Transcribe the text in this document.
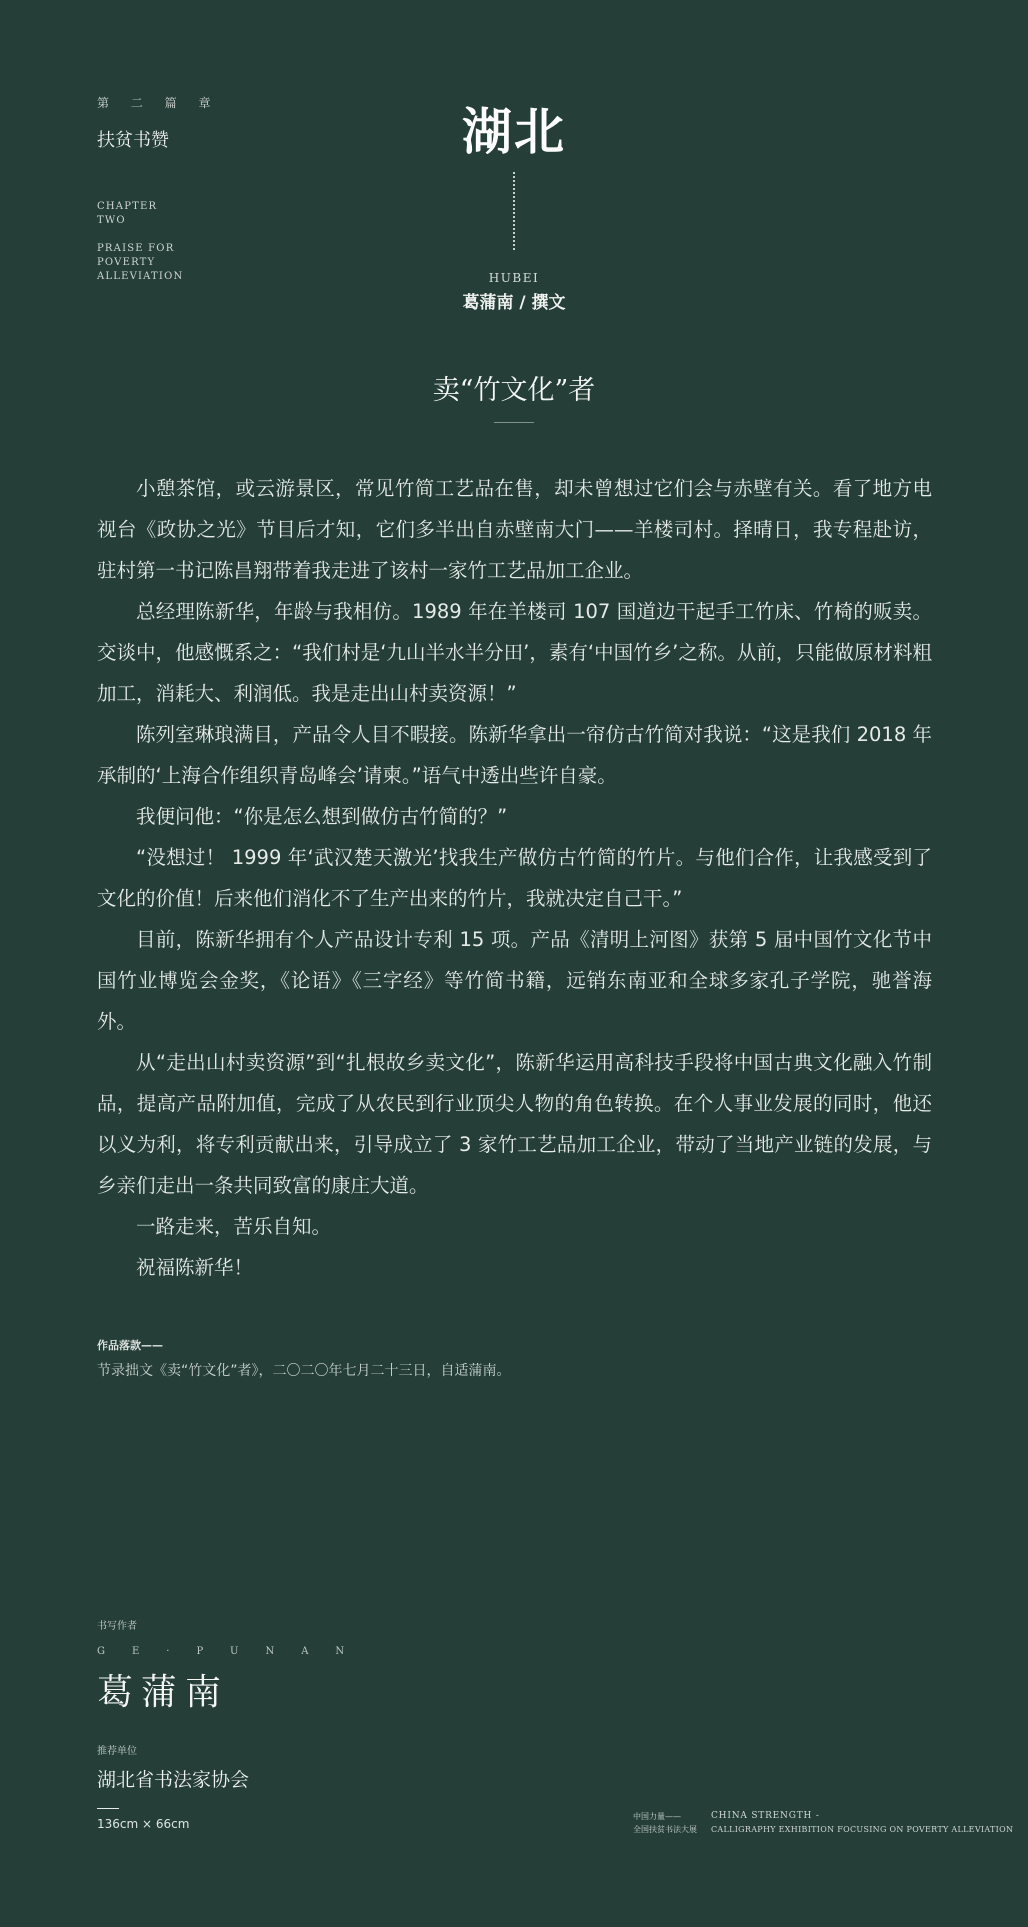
第 二 篇 章
扶贫书赞
CHAPTER
TWO
PRAISE FOR
POVERTY
ALLEVIATION
湖北
HUBEI
葛蒲南 / 撰文
卖“竹文化”者

小憩茶馆，或云游景区，常见竹简工艺品在售，却未曾想过它们会与赤壁有关。看了地方电视台《政协之光》节目后才知，它们多半出自赤壁南大门——羊楼司村。择晴日，我专程赴访，驻村第一书记陈昌翔带着我走进了该村一家竹工艺品加工企业。

总经理陈新华，年龄与我相仿。1989 年在羊楼司 107 国道边干起手工竹床、竹椅的贩卖。交谈中，他感慨系之：“我们村是‘九山半水半分田’，素有‘中国竹乡’之称。从前，只能做原材料粗加工，消耗大、利润低。我是走出山村卖资源！”

陈列室琳琅满目，产品令人目不暇接。陈新华拿出一帘仿古竹简对我说：“这是我们 2018 年承制的‘上海合作组织青岛峰会’请柬。”语气中透出些许自豪。

我便问他：“你是怎么想到做仿古竹简的？”

“没想过！ 1999 年‘武汉楚天激光’找我生产做仿古竹简的竹片。与他们合作，让我感受到了文化的价值！后来他们消化不了生产出来的竹片，我就决定自己干。”

目前，陈新华拥有个人产品设计专利 15 项。产品《清明上河图》获第 5 届中国竹文化节中国竹业博览会金奖，《论语》《三字经》等竹简书籍，远销东南亚和全球多家孔子学院，驰誉海外。

从“走出山村卖资源”到“扎根故乡卖文化”，陈新华运用高科技手段将中国古典文化融入竹制品，提高产品附加值，完成了从农民到行业顶尖人物的角色转换。在个人事业发展的同时，他还以义为利，将专利贡献出来，引导成立了 3 家竹工艺品加工企业，带动了当地产业链的发展，与乡亲们走出一条共同致富的康庄大道。

一路走来，苦乐自知。

祝福陈新华！

作品落款——
节录拙文《卖“竹文化”者》，二〇二〇年七月二十三日，自适蒲南。
书写作者
GE·PUNAN
葛蒲南
推荐单位
湖北省书法家协会
136cm × 66cm
中国力量——
全国扶贫书法大展
CHINA STRENGTH -
CALLIGRAPHY EXHIBITION FOCUSING ON POVERTY ALLEVIATION
